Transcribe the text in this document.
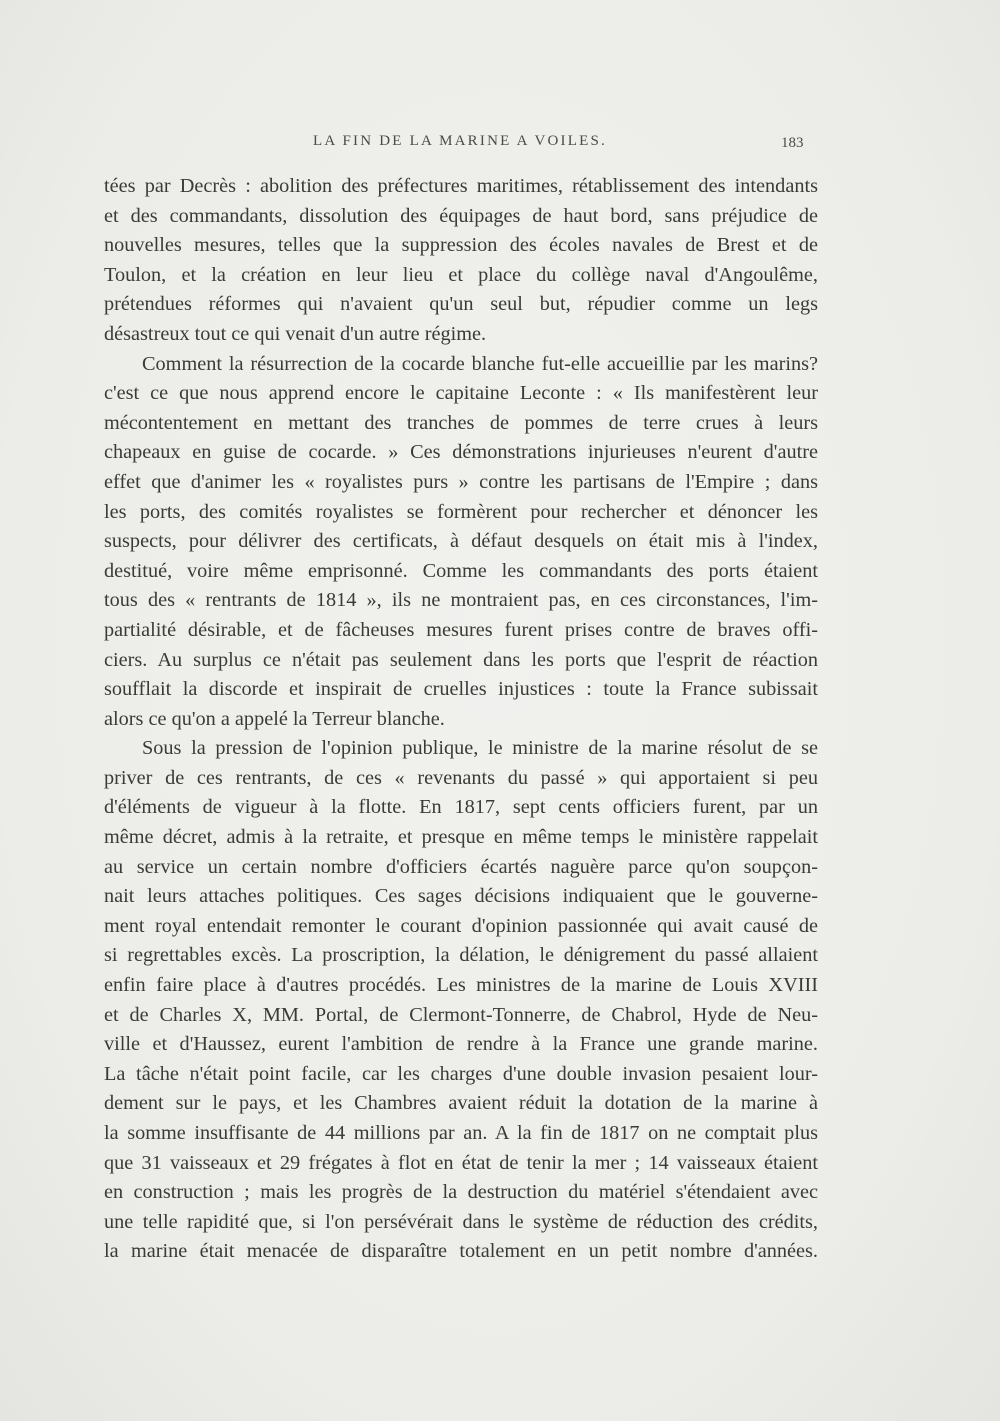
LA FIN DE LA MARINE A VOILES.	183

tées par Decrès : abolition des préfectures maritimes, rétablissement des intendants
et des commandants, dissolution des équipages de haut bord, sans préjudice de
nouvelles mesures, telles que la suppression des écoles navales de Brest et de
Toulon, et la création en leur lieu et place du collège naval d'Angoulême,
prétendues réformes qui n'avaient qu'un seul but, répudier comme un legs
désastreux tout ce qui venait d'un autre régime.

Comment la résurrection de la cocarde blanche fut-elle accueillie par les marins?
c'est ce que nous apprend encore le capitaine Leconte : « Ils manifestèrent leur
mécontentement en mettant des tranches de pommes de terre crues à leurs
chapeaux en guise de cocarde. » Ces démonstrations injurieuses n'eurent d'autre
effet que d'animer les « royalistes purs » contre les partisans de l'Empire ; dans
les ports, des comités royalistes se formèrent pour rechercher et dénoncer les
suspects, pour délivrer des certificats, à défaut desquels on était mis à l'index,
destitué, voire même emprisonné. Comme les commandants des ports étaient
tous des « rentrants de 1814 », ils ne montraient pas, en ces circonstances, l'im-
partialité désirable, et de fâcheuses mesures furent prises contre de braves offi-
ciers. Au surplus ce n'était pas seulement dans les ports que l'esprit de réaction
soufflait la discorde et inspirait de cruelles injustices : toute la France subissait
alors ce qu'on a appelé la Terreur blanche.

Sous la pression de l'opinion publique, le ministre de la marine résolut de se
priver de ces rentrants, de ces « revenants du passé » qui apportaient si peu
d'éléments de vigueur à la flotte. En 1817, sept cents officiers furent, par un
même décret, admis à la retraite, et presque en même temps le ministère rappelait
au service un certain nombre d'officiers écartés naguère parce qu'on soupçon-
nait leurs attaches politiques. Ces sages décisions indiquaient que le gouverne-
ment royal entendait remonter le courant d'opinion passionnée qui avait causé de
si regrettables excès. La proscription, la délation, le dénigrement du passé allaient
enfin faire place à d'autres procédés. Les ministres de la marine de Louis XVIII
et de Charles X, MM. Portal, de Clermont-Tonnerre, de Chabrol, Hyde de Neu-
ville et d'Haussez, eurent l'ambition de rendre à la France une grande marine.
La tâche n'était point facile, car les charges d'une double invasion pesaient lour-
dement sur le pays, et les Chambres avaient réduit la dotation de la marine à
la somme insuffisante de 44 millions par an. A la fin de 1817 on ne comptait plus
que 31 vaisseaux et 29 frégates à flot en état de tenir la mer ; 14 vaisseaux étaient
en construction ; mais les progrès de la destruction du matériel s'étendaient avec
une telle rapidité que, si l'on persévérait dans le système de réduction des crédits,
la marine était menacée de disparaître totalement en un petit nombre d'années.
